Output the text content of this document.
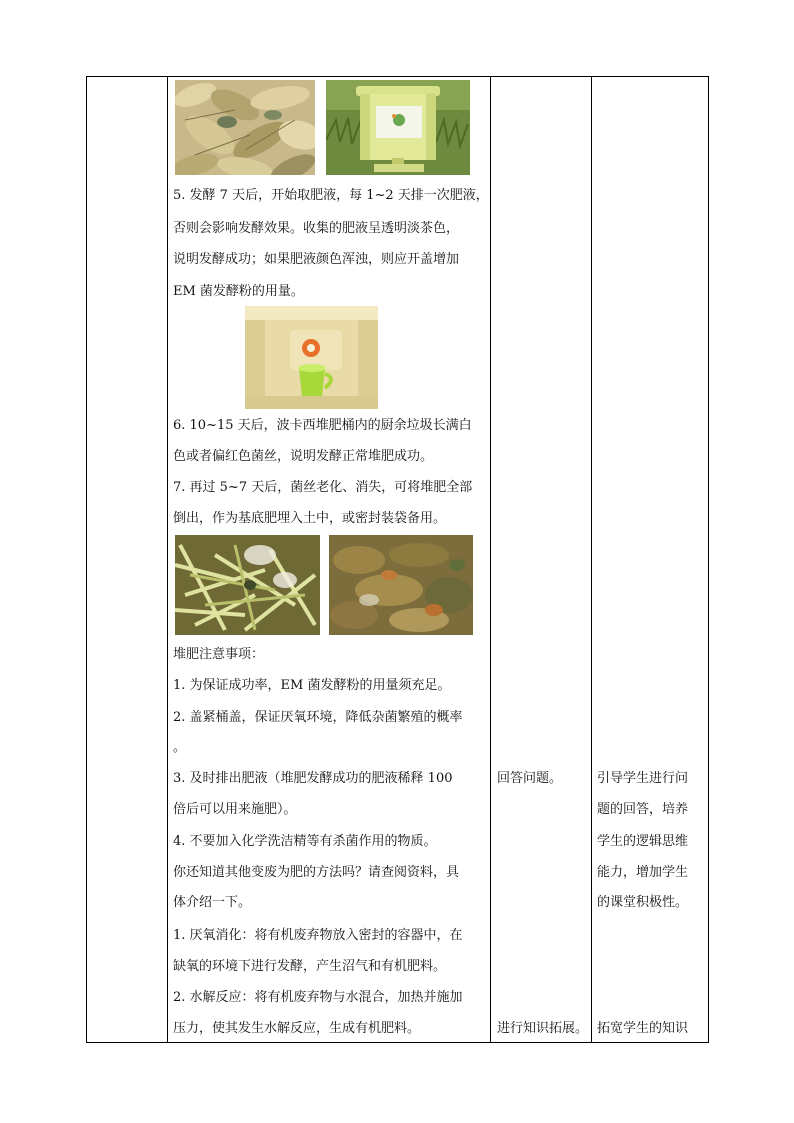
5. 发酵 7 天后，开始取肥液，每 1~2 天排一次肥液，
否则会影响发酵效果。收集的肥液呈透明淡茶色，
说明发酵成功；如果肥液颜色浑浊，则应开盖增加
EM 菌发酵粉的用量。
6. 10~15 天后，波卡西堆肥桶内的厨余垃圾长满白
色或者偏红色菌丝，说明发酵正常堆肥成功。
7. 再过 5~7 天后，菌丝老化、消失，可将堆肥全部
倒出，作为基底肥埋入土中，或密封装袋备用。
堆肥注意事项：
1. 为保证成功率，EM 菌发酵粉的用量须充足。
2. 盖紧桶盖，保证厌氧环境，降低杂菌繁殖的概率
。
3. 及时排出肥液（堆肥发酵成功的肥液稀释 100
倍后可以用来施肥）。
4. 不要加入化学洗洁精等有杀菌作用的物质。
你还知道其他变废为肥的方法吗？请查阅资料，具
体介绍一下。
1. 厌氧消化：将有机废弃物放入密封的容器中，在
缺氧的环境下进行发酵，产生沼气和有机肥料。
2. 水解反应：将有机废弃物与水混合，加热并施加
压力，使其发生水解反应，生成有机肥料。
回答问题。
进行知识拓展。
引导学生进行问
题的回答，培养
学生的逻辑思维
能力，增加学生
的课堂积极性。
拓宽学生的知识
